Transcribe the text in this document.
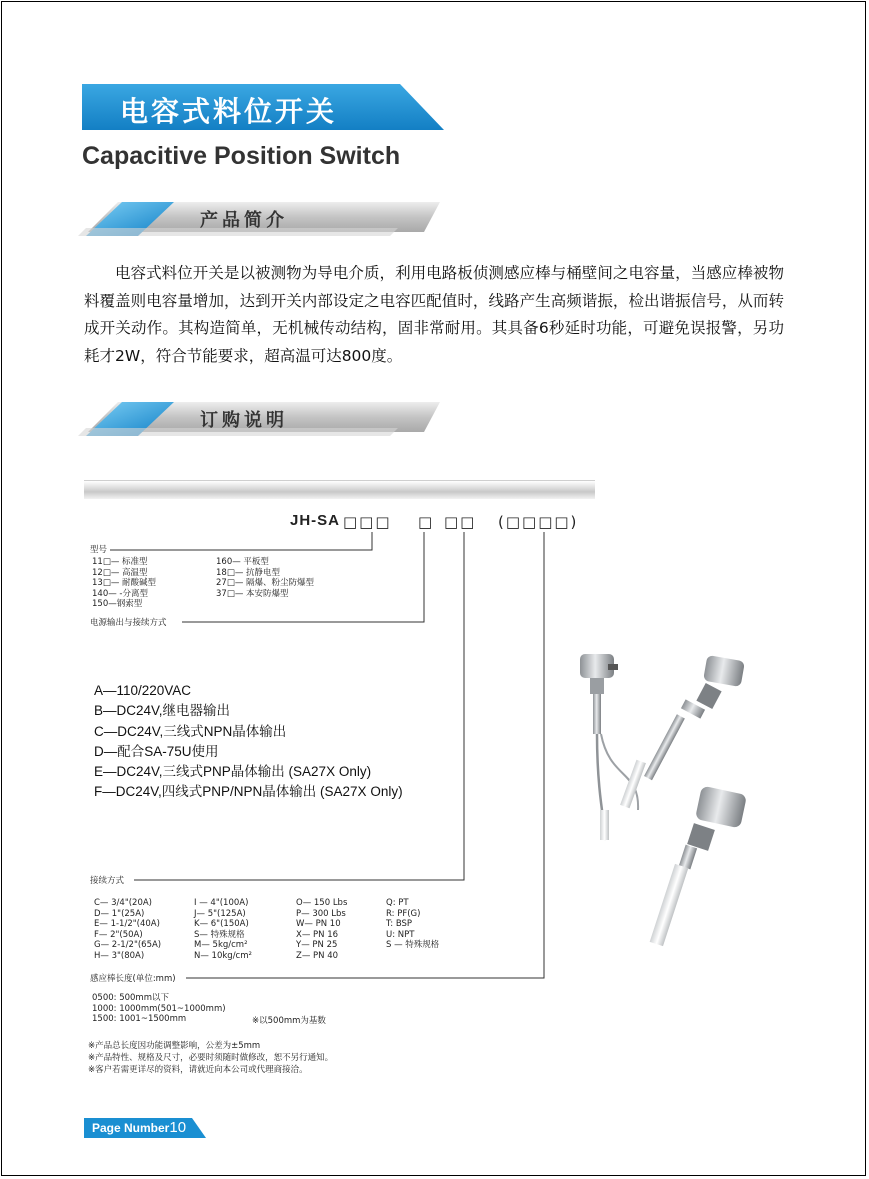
电容式料位开关
Capacitive Position Switch
产品简介

电容式料位开关是以被测物为导电介质，利用电路板侦测感应棒与桶壁间之电容量，当感应棒被物料覆盖则电容量增加，达到开关内部设定之电容匹配值时，线路产生高频谐振，检出谐振信号，从而转成开关动作。其构造简单，无机械传动结构，固非常耐用。其具备6秒延时功能，可避免误报警，另功耗才2W，符合节能要求，超高温可达800度。

订购说明
JH-SA □□□ □ □□ (□□□□)
型号
11□— 标准型
12□— 高温型
13□— 耐酸碱型
140— -分离型
150—钢索型
160— 平板型
18□— 抗静电型
27□— 隔爆、粉尘防爆型
37□— 本安防爆型
电源输出与接续方式
A—110/220VAC
B—DC24V,继电器输出
C—DC24V,三线式NPN晶体输出
D—配合SA-75U使用
E—DC24V,三线式PNP晶体输出 (SA27X Only)
F—DC24V,四线式PNP/NPN晶体输出 (SA27X Only)
接续方式
C— 3/4"(20A)
D— 1"(25A)
E— 1-1/2"(40A)
F— 2"(50A)
G— 2-1/2"(65A)
H— 3"(80A)
I — 4"(100A)
J— 5"(125A)
K— 6"(150A)
S— 特殊规格
M— 5kg/cm²
N— 10kg/cm²
O— 150 Lbs
P— 300 Lbs
W— PN 10
X— PN 16
Y— PN 25
Z— PN 40
Q: PT
R: PF(G)
T: BSP
U: NPT
S — 特殊规格
感应棒长度(单位:mm)
0500: 500mm以下
1000: 1000mm(501~1000mm)
1500: 1001~1500mm	※以500mm为基数
※产品总长度因功能调整影响，公差为±5mm
※产品特性、规格及尺寸，必要时须随时做修改，恕不另行通知。
※客户若需更详尽的资料，请就近向本公司或代理商接洽。
Page Number10
